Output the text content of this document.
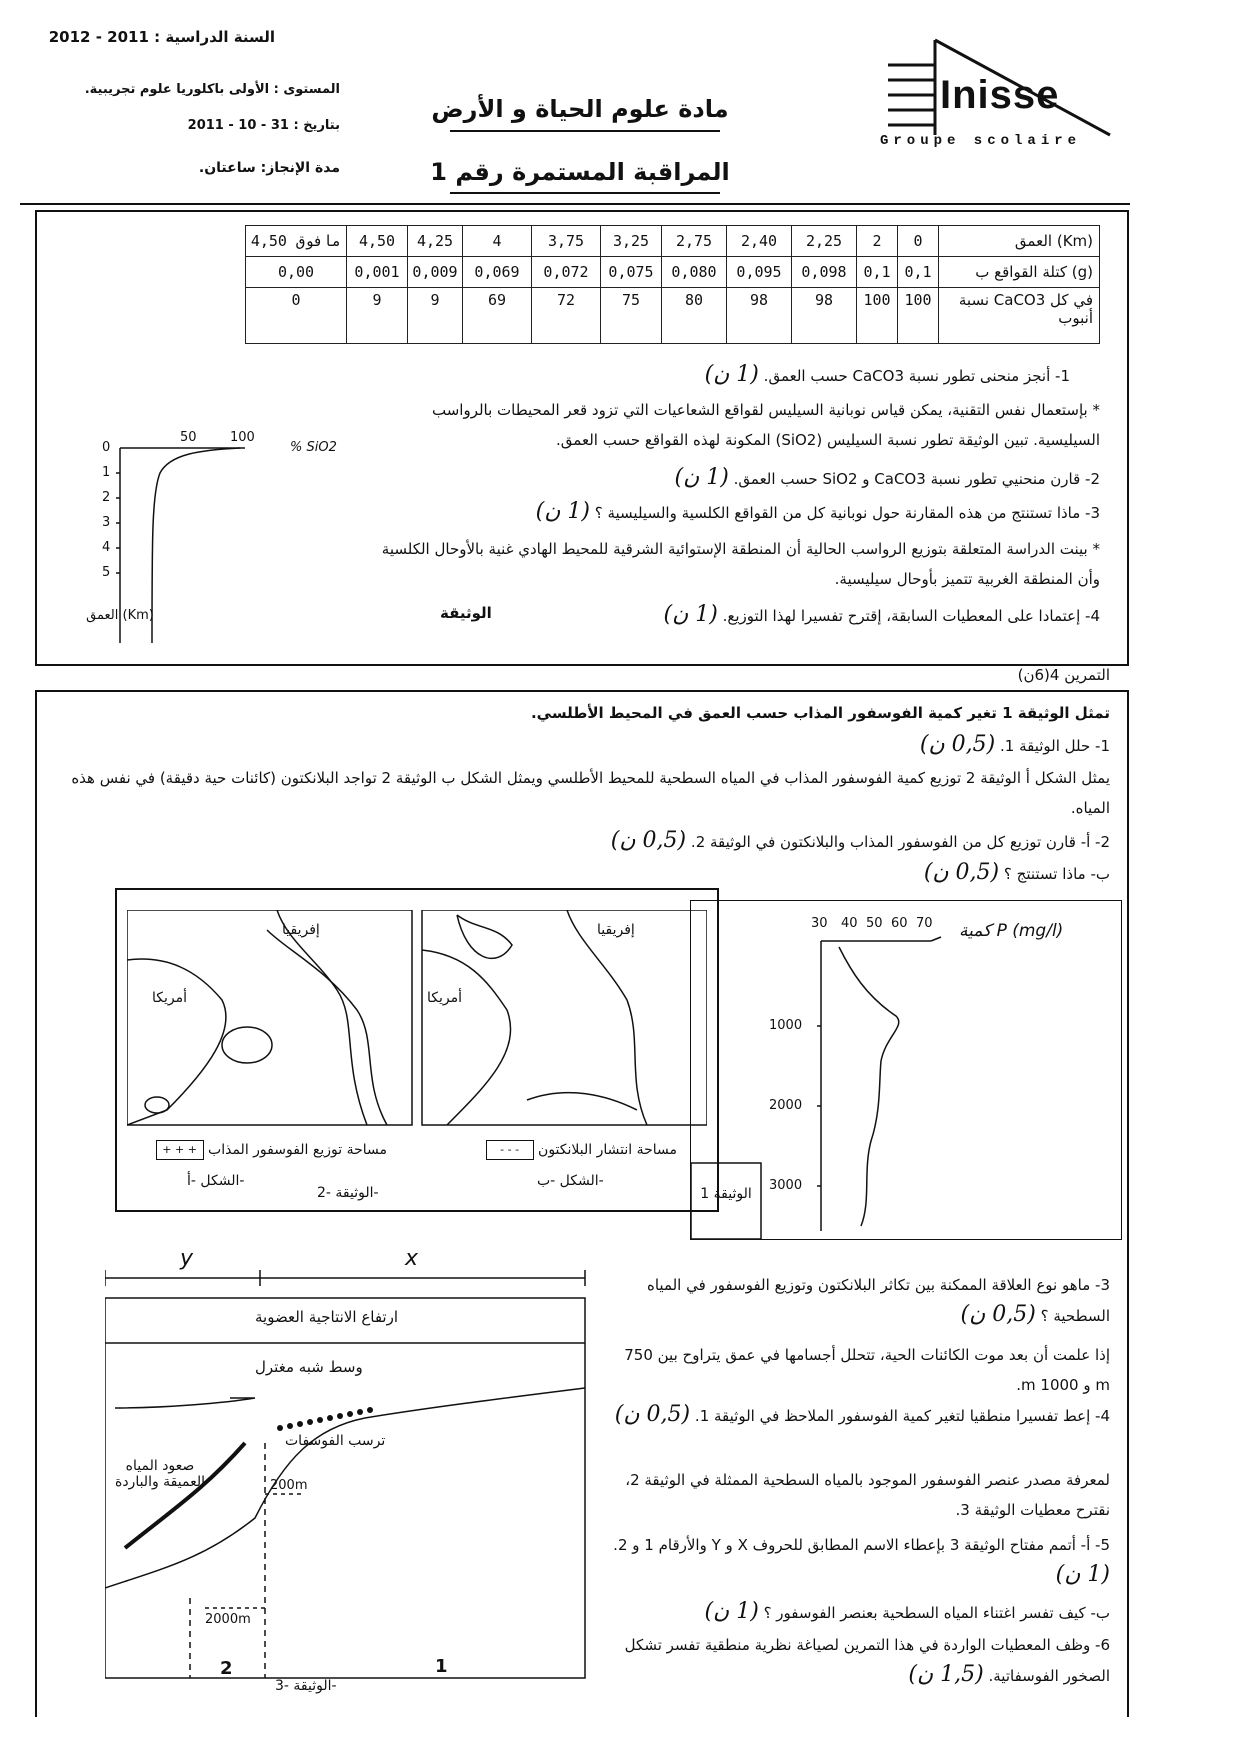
السنة الدراسية : 2011 - 2012
المستوى : الأولى باكلوريا علوم تجريبية.
بتاريخ : 31 - 10 - 2011
مدة الإنجاز: ساعتان.
مادة علوم الحياة و الأرض
المراقبة المستمرة رقم 1
Inisse
Groupe scolaire
مافوق 4,50	4,50	4,25	4	3,75	3,25	2,75	2,40	2,25	2	0	العمق (Km)
0,00	0,001	0,009	0,069	0,072	0,075	0,080	0,095	0,098	0,1	0,1	كتلة القواقع ب (g)
0	9	9	69	72	75	80	98	98	100	100	نسبة CaCO3 في كل أنبوب
50	100
% SiO2
0
1
2
3
4
5
العمق (Km)
1- أنجز منحنى تطور نسبة CaCO3 حسب العمق. (1 ن)
* بإستعمال نفس التقنية، يمكن قياس نوبانية السيليس لقواقع الشعاعيات التي تزود قعر المحيطات بالرواسب السيليسية. تبين الوثيقة تطور نسبة السيليس (SiO2) المكونة لهذه القواقع حسب العمق.
2- قارن منحنيي تطور نسبة CaCO3 و SiO2 حسب العمق. (1 ن)
3- ماذا تستنتج من هذه المقارنة حول نوبانية كل من القواقع الكلسية والسيليسية ؟ (1 ن)
* بينت الدراسة المتعلقة بتوزيع الرواسب الحالية أن المنطقة الإستوائية الشرقية للمحيط الهادي غنية بالأوحال الكلسية وأن المنطقة الغربية تتميز بأوحال سيليسية.
4- إعتمادا على المعطيات السابقة، إقترح تفسيرا لهذا التوزيع. (1 ن)
الوثيقة
التمرين 4(6ن)
تمثل الوثيقة 1 تغير كمية الفوسفور المذاب حسب العمق في المحيط الأطلسي.
1- حلل الوثيقة 1. (0,5 ن)
يمثل الشكل أ الوثيقة 2 توزيع كمية الفوسفور المذاب في المياه السطحية للمحيط الأطلسي ويمثل الشكل ب الوثيقة 2 تواجد البلانكتون (كائنات حية دقيقة) في نفس هذه المياه.
2- أ- قارن توزيع كل من الفوسفور المذاب والبلانكتون في الوثيقة 2. (0,5 ن)
ب- ماذا تستنتج ؟ (0,5 ن)
إفريقيا
أمريكا
إفريقيا
أمريكا
مساحة توزيع الفوسفور المذاب + + +	مساحة انتشار البلانكتون - - -
الشكل -أ-	الشكل -ب-
الوثيقة -2-
30 40 50 60 70 كمية P (mg/l)
1000
2000
3000
الوثيقة 1
y	x
ارتفاع الانتاجية العضوية
وسط شبه مغترل
ترسب الفوسفات
صعود المياه العميقة والباردة	200m
2000m
2	1
الوثيقة -3-
3- ماهو نوع العلاقة الممكنة بين تكاثر البلانكتون وتوزيع الفوسفور في المياه السطحية ؟ (0,5 ن)
إذا علمت أن بعد موت الكائنات الحية، تتحلل أجسامها في عمق يتراوح بين 750 m و 1000 m.
4- إعط تفسيرا منطقيا لتغير كمية الفوسفور الملاحظ في الوثيقة 1. (0,5 ن)
لمعرفة مصدر عنصر الفوسفور الموجود بالمياه السطحية الممثلة في الوثيقة 2، نقترح معطيات الوثيقة 3.
5- أ- أتمم مفتاح الوثيقة 3 بإعطاء الاسم المطابق للحروف X و Y والأرقام 1 و 2. (1 ن)
ب- كيف تفسر اغتناء المياه السطحية بعنصر الفوسفور ؟ (1 ن)
6- وظف المعطيات الواردة في هذا التمرين لصياغة نظرية منطقية تفسر تشكل الصخور الفوسفاتية. (1,5 ن)
